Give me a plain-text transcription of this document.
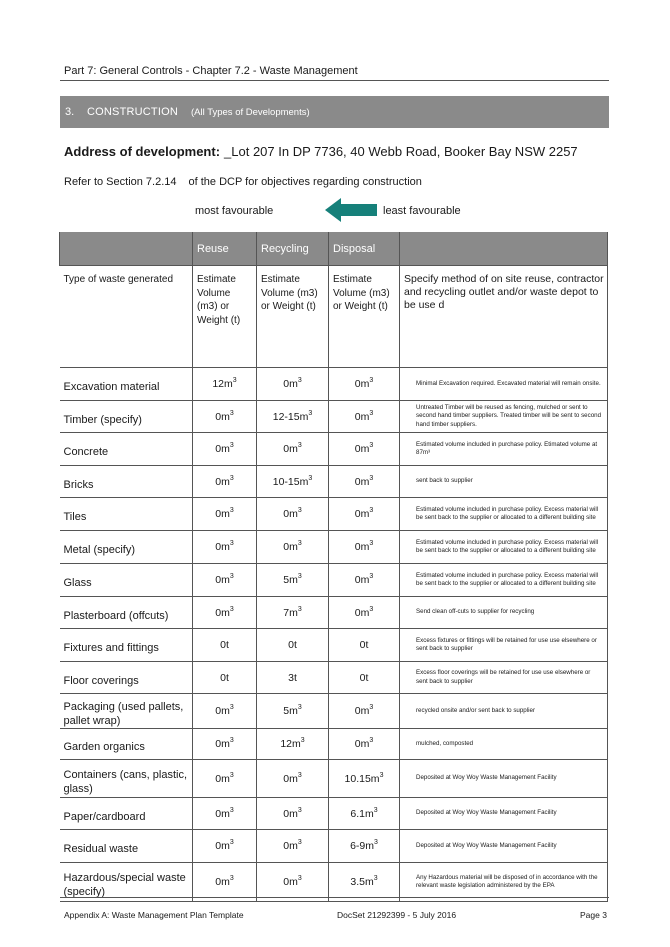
Part 7: General Controls - Chapter 7.2 - Waste Management
3.	CONSTRUCTION (All Types of Developments)
Address of development: _Lot 207 In DP 7736, 40 Webb Road, Booker Bay NSW 2257
Refer to Section 7.2.14 of the DCP for objectives regarding construction
most favourable	least favourable
	Reuse	Recycling	Disposal	
Type of waste generated	Estimate Volume (m3) or Weight (t)	Estimate Volume (m3) or Weight (t)	Estimate Volume (m3) or Weight (t)	Specify method of on site reuse, contractor and recycling outlet and/or waste depot to be use d
Excavation material	$12m^3$	$0m^3$	$0m^3$	Minimal Excavation required. Excavated material will remain onsite.
Timber (specify)	$0m^3$	$12-15m^3$	$0m^3$	Untreated Timber will be reused as fencing, mulched or sent to second hand timber suppliers. Treated timber will be sent to second hand timber suppliers.
Concrete	$0m^3$	$0m^3$	$0m^3$	Estimated volume included in purchase policy. Etimated volume at 87m³
Bricks	$0m^3$	$10-15m^3$	$0m^3$	sent back to supplier
Tiles	$0m^3$	$0m^3$	$0m^3$	Estimated volume included in purchase policy. Excess material will be sent back to the supplier or allocated to a different building site
Metal (specify)	$0m^3$	$0m^3$	$0m^3$	Estimated volume included in purchase policy. Excess material will be sent back to the supplier or allocated to a different building site
Glass	$0m^3$	$5m^3$	$0m^3$	Estimated volume included in purchase policy. Excess material will be sent back to the supplier or allocated to a different building site
Plasterboard (offcuts)	$0m^3$	$7m^3$	$0m^3$	Send clean off-cuts to supplier for recycling
Fixtures and fittings	0t	0t	0t	Excess fixtures or fittings will be retained for use use elsewhere or sent back to supplier
Floor coverings	0t	3t	0t	Excess floor coverings will be retained for use use elsewhere or sent back to supplier
Packaging (used pallets, pallet wrap)	$0m^3$	$5m^3$	$0m^3$	recycled onsite and/or sent back to supplier
Garden organics	$0m^3$	$12m^3$	$0m^3$	mulched, composted
Containers (cans, plastic, glass)	$0m^3$	$0m^3$	$10.15m^3$	Deposited at Woy Woy Waste Management Facility
Paper/cardboard	$0m^3$	$0m^3$	$6.1m^3$	Deposited at Woy Woy Waste Management Facility
Residual waste	$0m^3$	$0m^3$	$6-9m^3$	Deposited at Woy Woy Waste Management Facility
Hazardous/special waste (specify)	$0m^3$	$0m^3$	$3.5m^3$	Any Hazardous material will be disposed of in accordance with the relevant waste legislation administered by the EPA
Appendix A: Waste Management Plan Template	DocSet 21292399 - 5 July 2016	Page 3
